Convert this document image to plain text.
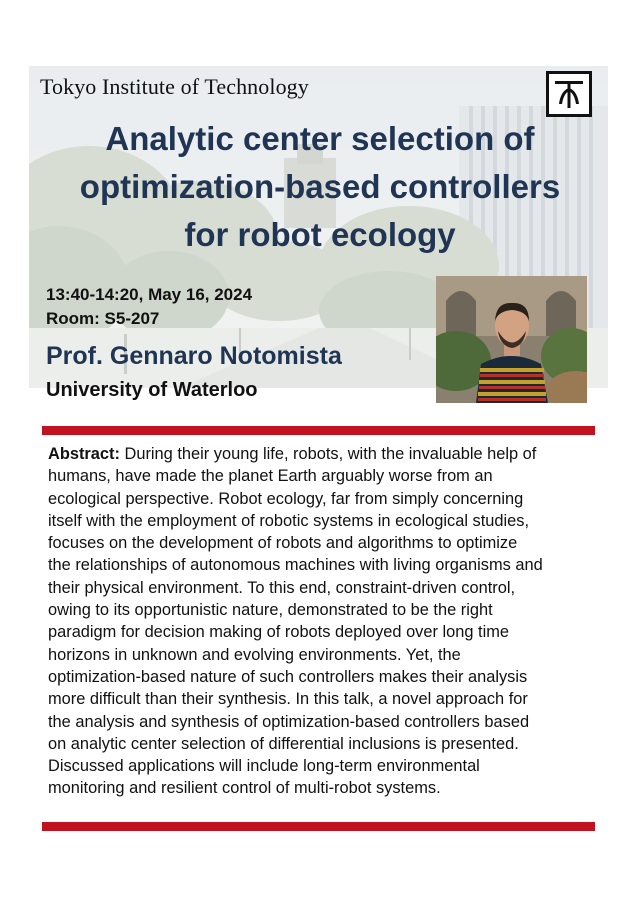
Tokyo Institute of Technology
Analytic center selection of
optimization-based controllers
for robot ecology
13:40-14:20, May 16, 2024
Room: S5-207
Prof. Gennaro Notomista
University of Waterloo
Abstract: During their young life, robots, with the invaluable help of
humans, have made the planet Earth arguably worse from an
ecological perspective. Robot ecology, far from simply concerning
itself with the employment of robotic systems in ecological studies,
focuses on the development of robots and algorithms to optimize
the relationships of autonomous machines with living organisms and
their physical environment. To this end, constraint-driven control,
owing to its opportunistic nature, demonstrated to be the right
paradigm for decision making of robots deployed over long time
horizons in unknown and evolving environments. Yet, the
optimization-based nature of such controllers makes their analysis
more difficult than their synthesis. In this talk, a novel approach for
the analysis and synthesis of optimization-based controllers based
on analytic center selection of differential inclusions is presented.
Discussed applications will include long-term environmental
monitoring and resilient control of multi-robot systems.
